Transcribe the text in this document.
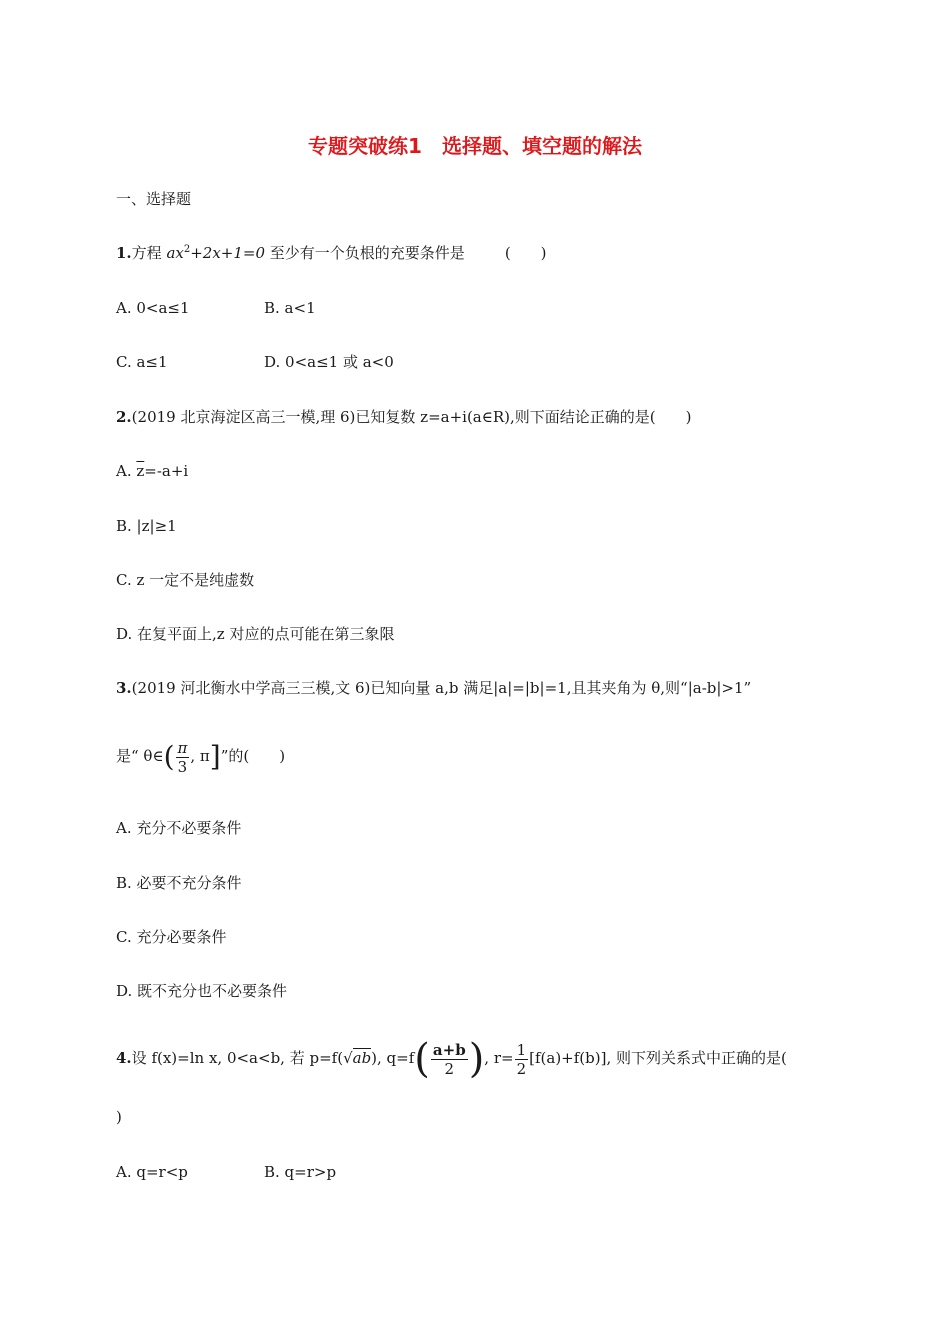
专题突破练1　选择题、填空题的解法
一、选择题
1.方程 $ax^2+2x+1=0$ 至少有一个负根的充要条件是	(　　)
A. 0<a≤1	B. a<1
C. a≤1	D. 0<a≤1 或 a<0
2.(2019 北京海淀区高三一模,理 6)已知复数 z=a+i(a∈R),则下面结论正确的是(　　)
A. $\overline{z}=-a+i$
B. |z|≥1
C. z 一定不是纯虚数
D. 在复平面上,z 对应的点可能在第三象限
3.(2019 河北衡水中学高三三模,文 6)已知向量 a,b 满足|a|=|b|=1,且其夹角为 θ,则“|a-b|>1”
是“ θ∈( $\frac{\pi}{3}$ , π]”的(　　)
A. 充分不必要条件
B. 必要不充分条件
C. 充分必要条件
D. 既不充分也不必要条件
4.设 f(x)=ln x, 0<a<b, 若 p=f(√ab), $q=f( \frac{a+b}{2}$ ), $r= \frac{1}{2} [f(a)+f(b)]$, 则下列关系式中正确的是(
)
A. q=r<p	B. q=r>p
